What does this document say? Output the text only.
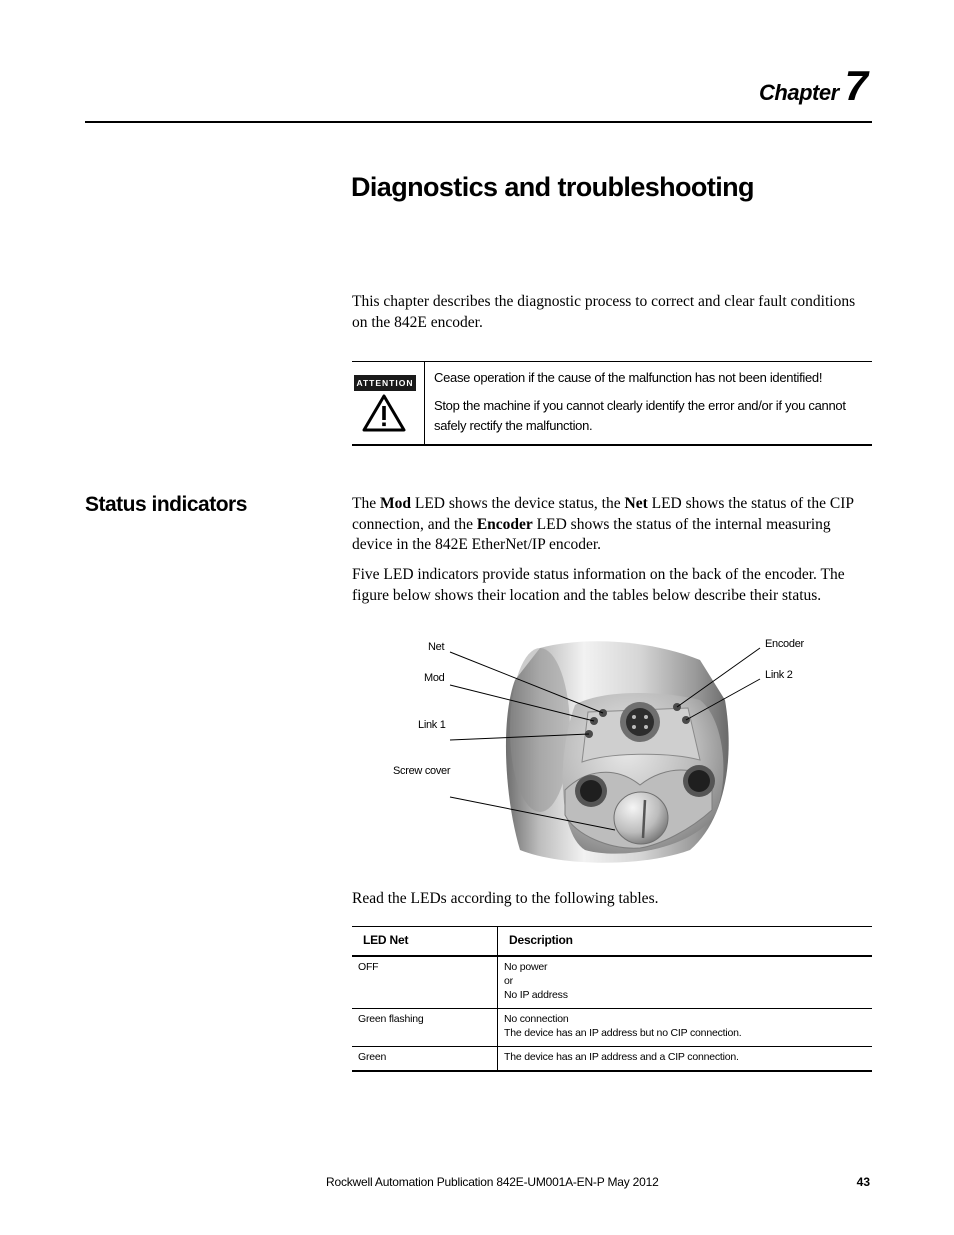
Chapter 7
Diagnostics and troubleshooting

This chapter describes the diagnostic process to correct and clear fault conditions on the 842E encoder.

ATTENTION Cease operation if the cause of the malfunction has not been identified!

Stop the machine if you cannot clearly identify the error and/or if you cannot safely rectify the malfunction.

Status indicators	The Mod LED shows the device status, the Net LED shows the status of the CIP connection, and the Encoder LED shows the status of the internal measuring device in the 842E EtherNet/IP encoder.

Five LED indicators provide status information on the back of the encoder. The figure below shows their location and the tables below describe their status.

Net
Mod
Link 1
Screw cover
Encoder
Link 2

Read the LEDs according to the following tables.

LED Net	Description
OFF	No power
or
No IP address

Green flashing	No connection
The device has an IP address but no CIP connection.

Green	The device has an IP address and a CIP connection.
Rockwell Automation Publication 842E-UM001A-EN-P May 2012	43
